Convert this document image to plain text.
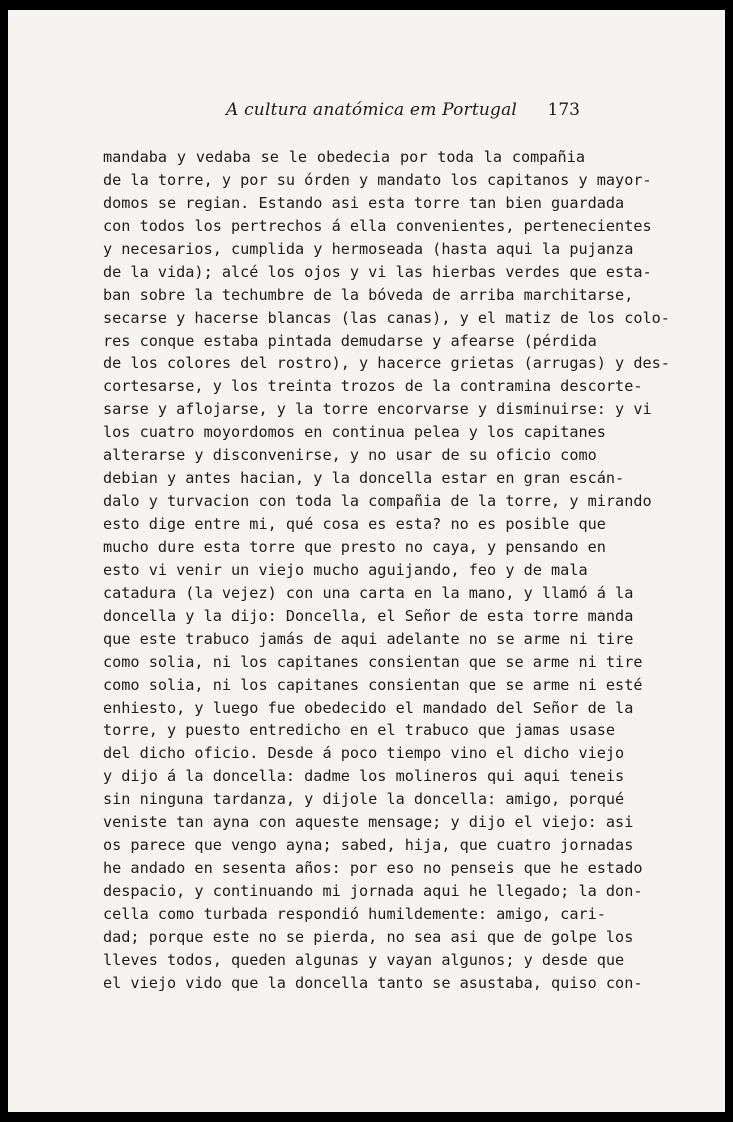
A cultura anatómica em Portugal 173
mandaba y vedaba se le obedecia por toda la compañia
de la torre, y por su órden y mandato los capitanos y mayor-
domos se regian. Estando asi esta torre tan bien guardada
con todos los pertrechos á ella convenientes, pertenecientes
y necesarios, cumplida y hermoseada (hasta aqui la pujanza
de la vida); alcé los ojos y vi las hierbas verdes que esta-
ban sobre la techumbre de la bóveda de arriba marchitarse,
secarse y hacerse blancas (las canas), y el matiz de los colo-
res conque estaba pintada demudarse y afearse (pérdida
de los colores del rostro), y hacerce grietas (arrugas) y des-
cortesarse, y los treinta trozos de la contramina descorte-
sarse y aflojarse, y la torre encorvarse y disminuirse: y vi
los cuatro moyordomos en continua pelea y los capitanes
alterarse y disconvenirse, y no usar de su oficio como
debian y antes hacian, y la doncella estar en gran escán-
dalo y turvacion con toda la compañia de la torre, y mirando
esto dige entre mi, qué cosa es esta? no es posible que
mucho dure esta torre que presto no caya, y pensando en
esto vi venir un viejo mucho aguijando, feo y de mala
catadura (la vejez) con una carta en la mano, y llamó á la
doncella y la dijo: Doncella, el Señor de esta torre manda
que este trabuco jamás de aqui adelante no se arme ni tire
como solia, ni los capitanes consientan que se arme ni tire
como solia, ni los capitanes consientan que se arme ni esté
enhiesto, y luego fue obedecido el mandado del Señor de la
torre, y puesto entredicho en el trabuco que jamas usase
del dicho oficio. Desde á poco tiempo vino el dicho viejo
y dijo á la doncella: dadme los molineros qui aqui teneis
sin ninguna tardanza, y dijole la doncella: amigo, porqué
veniste tan ayna con aqueste mensage; y dijo el viejo: asi
os parece que vengo ayna; sabed, hija, que cuatro jornadas
he andado en sesenta años: por eso no penseis que he estado
despacio, y continuando mi jornada aqui he llegado; la don-
cella como turbada respondió humildemente: amigo, cari-
dad; porque este no se pierda, no sea asi que de golpe los
lleves todos, queden algunas y vayan algunos; y desde que
el viejo vido que la doncella tanto se asustaba, quiso con-
